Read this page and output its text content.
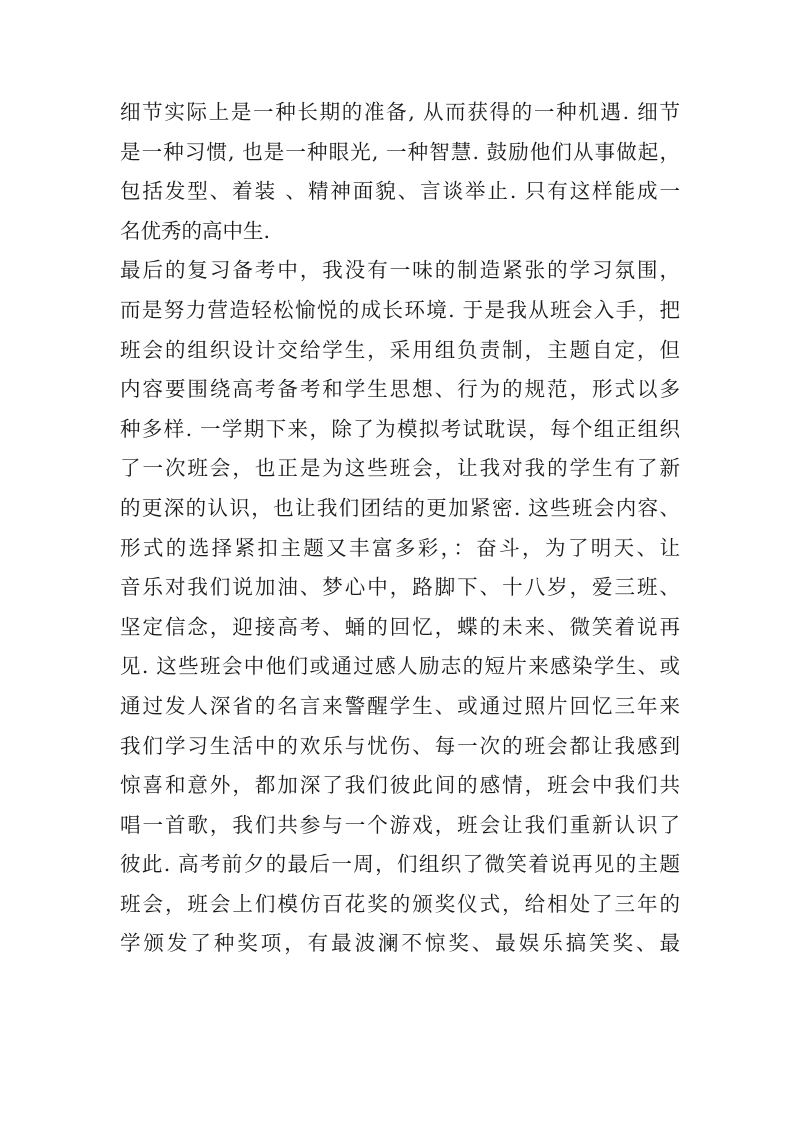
细节实际上是一种长期的准备, 从而获得的一种机遇. 细节
是一种习惯, 也是一种眼光, 一种智慧. 鼓励他们从事做起，
包括发型、着装 、精神面貌、言谈举止. 只有这样能成一
名优秀的高中生.
最后的复习备考中，我没有一味的制造紧张的学习氛围，
而是努力营造轻松愉悦的成长环境. 于是我从班会入手，把
班会的组织设计交给学生，采用组负责制，主题自定，但
内容要围绕高考备考和学生思想、行为的规范，形式以多
种多样. 一学期下来，除了为模拟考试耽误，每个组正组织
了一次班会，也正是为这些班会，让我对我的学生有了新
的更深的认识，也让我们团结的更加紧密. 这些班会内容、
形式的选择紧扣主题又丰富多彩，：奋斗，为了明天、让
音乐对我们说加油、梦心中，路脚下、十八岁，爱三班、
坚定信念，迎接高考、蛹的回忆，蝶的未来、微笑着说再
见. 这些班会中他们或通过感人励志的短片来感染学生、或
通过发人深省的名言来警醒学生、或通过照片回忆三年来
我们学习生活中的欢乐与忧伤、每一次的班会都让我感到
惊喜和意外，都加深了我们彼此间的感情，班会中我们共
唱一首歌，我们共参与一个游戏，班会让我们重新认识了
彼此. 高考前夕的最后一周，们组织了微笑着说再见的主题
班会，班会上们模仿百花奖的颁奖仪式，给相处了三年的
学颁发了种奖项，有最波澜不惊奖、最娱乐搞笑奖、最
